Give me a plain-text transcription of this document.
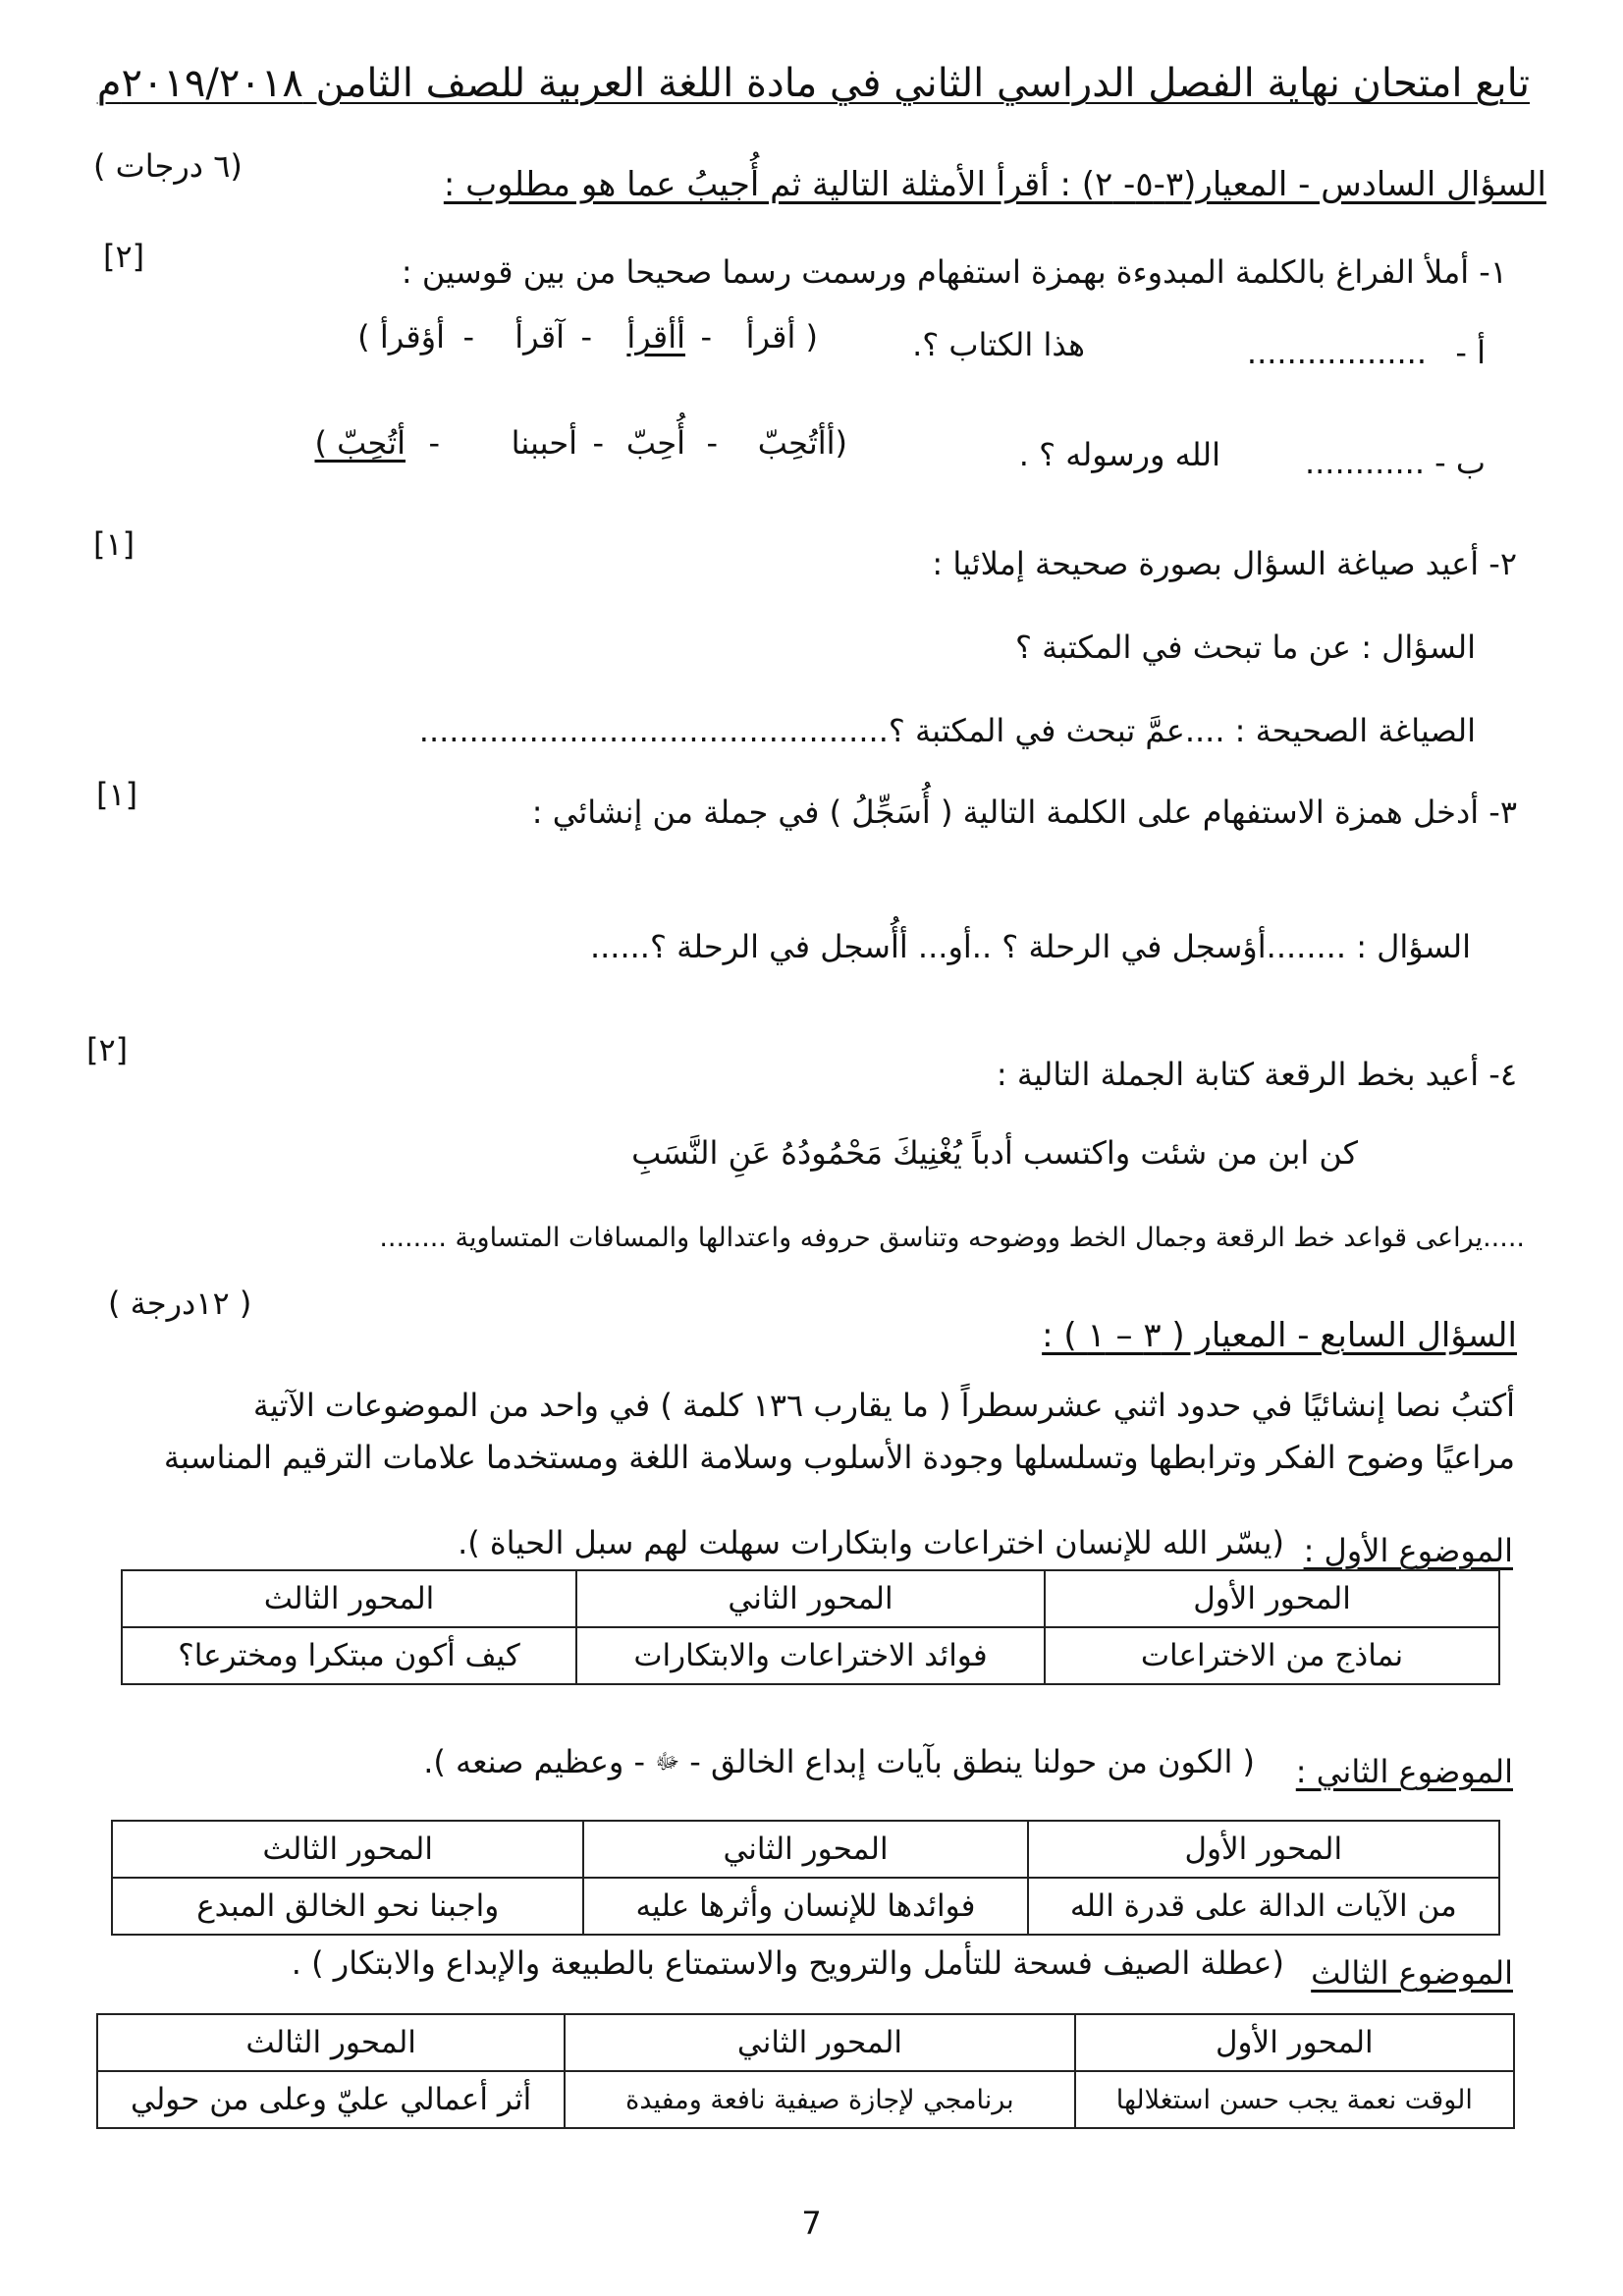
تابع امتحان نهاية الفصل الدراسي الثاني في مادة اللغة العربية للصف الثامن ٢٠١٩/٢٠١٨م
السؤال السادس - المعيار(٣-٥- ٢) : أقرأ الأمثلة التالية ثم أُجيبُ عما هو مطلوب :
(٦ درجات )
١- أملأ الفراغ بالكلمة المبدوءة بهمزة استفهام ورسمت رسما صحيحا من بين قوسين :
[٢]
أ -
..................
هذا الكتاب ؟.
( أقرأ
-
أأقرأ
-
آقرأ
-
أؤقرأ )
ب -
............
الله ورسوله ؟ .
(أأتُحِبّ
-
أُحِبّ
-
أحببنا
-
أتُحِبّ )
٢- أعيد صياغة السؤال بصورة صحيحة إملائيا :
[١]
السؤال : عن ما تبحث في المكتبة ؟
الصياغة الصحيحة : ....عمَّ تبحث في المكتبة ؟...............................................
٣- أدخل همزة الاستفهام على الكلمة التالية ( أُسَجِّلُ ) في جملة من إنشائي :
[١]
السؤال : ........أؤسجل في الرحلة ؟ ..أو... أأُسجل في الرحلة ؟......
٤- أعيد بخط الرقعة كتابة الجملة التالية :
[٢]
كن ابن من شئت واكتسب أدباً يُغْنِيكَ مَحْمُودُهُ عَنِ النَّسَبِ
.....يراعى قواعد خط الرقعة وجمال الخط ووضوحه وتناسق حروفه واعتدالها والمسافات المتساوية ........
السؤال السابع - المعيار ( ٣ – ١ ) :
( ١٢درجة )
أكتبُ نصا إنشائيًا في حدود اثني عشرسطراً ( ما يقارب ١٣٦ كلمة ) في واحد من الموضوعات الآتية
مراعيًا وضوح الفكر وترابطها وتسلسلها وجودة الأسلوب وسلامة اللغة ومستخدما علامات الترقيم المناسبة
الموضوع الأول :
(يسّر الله للإنسان اختراعات وابتكارات سهلت لهم سبل الحياة ).
المحور الأول	المحور الثاني	المحور الثالث
نماذج من الاختراعات	فوائد الاختراعات والابتكارات	كيف أكون مبتكرا ومخترعا؟
الموضوع الثاني :
( الكون من حولنا ينطق بآيات إبداع الخالق - ﷻ - وعظيم صنعه ).
المحور الأول	المحور الثاني	المحور الثالث
من الآيات الدالة على قدرة الله	فوائدها للإنسان وأثرها عليه	واجبنا نحو الخالق المبدع
الموضوع الثالث
(عطلة الصيف فسحة للتأمل والترويح والاستمتاع بالطبيعة والإبداع والابتكار ) .
المحور الأول	المحور الثاني	المحور الثالث
الوقت نعمة يجب حسن استغلالها	برنامجي لإجازة صيفية نافعة ومفيدة	أثر أعمالي عليّ وعلى من حولي
7
